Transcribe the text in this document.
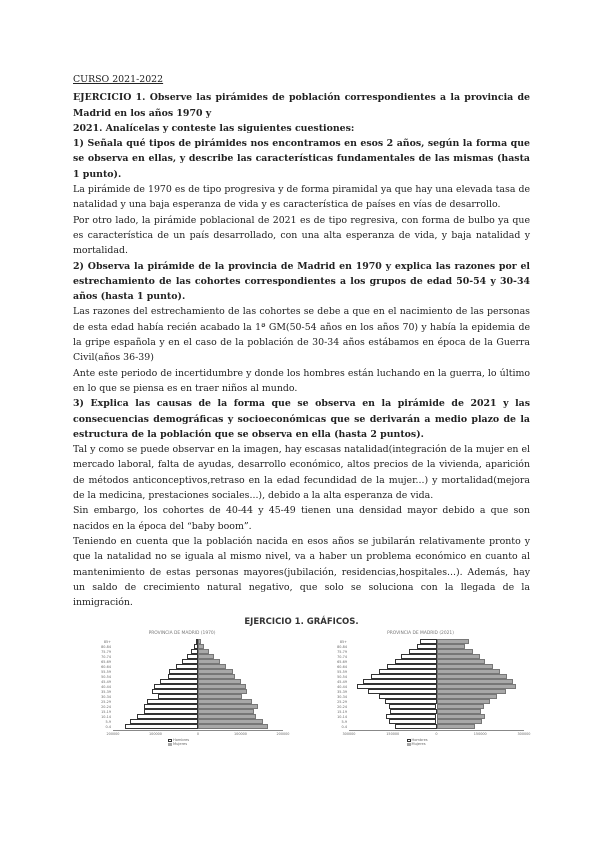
CURSO 2021-2022

EJERCICIO 1. Observe las pirámides de población correspondientes a la provincia de Madrid en los años 1970 y
2021. Analícelas y conteste las siguientes cuestiones:

1) Señala qué tipos de pirámides nos encontramos en esos 2 años, según la forma que se observa en ellas, y describe las características fundamentales de las mismas (hasta 1 punto).

La pirámide de 1970 es de tipo progresiva y de forma piramidal ya que hay una elevada tasa de natalidad y una baja esperanza de vida y es característica de países en vías de desarrollo.

Por otro lado, la pirámide poblacional de 2021 es de tipo regresiva, con forma de bulbo ya que es característica de un país desarrollado, con una alta esperanza de vida, y baja natalidad y mortalidad.

2) Observa la pirámide de la provincia de Madrid en 1970 y explica las razones por el estrechamiento de las cohortes correspondientes a los grupos de edad 50-54 y 30-34 años (hasta 1 punto).

Las razones del estrechamiento de las cohortes se debe a que en el nacimiento de las personas de esta edad había recién acabado la 1ª GM(50-54 años en los años 70) y había la epidemia de la gripe española y en el caso de la población de 30-34 años estábamos en época de la Guerra Civil(años 36-39)

Ante este periodo de incertidumbre y donde los hombres están luchando en la guerra, lo último en lo que se piensa es en traer niños al mundo.

3) Explica las causas de la forma que se observa en la pirámide de 2021 y las consecuencias demográficas y socioeconómicas que se derivarán a medio plazo de la estructura de la población que se observa en ella (hasta 2 puntos).

Tal y como se puede observar en la imagen, hay escasas natalidad(integración de la mujer en el mercado laboral, falta de ayudas, desarrollo económico, altos precios de la vivienda, aparición de métodos anticonceptivos,retraso en la edad fecundidad de la mujer...) y mortalidad(mejora de la medicina, prestaciones sociales...), debido a la alta esperanza de vida.

Sin embargo, los cohortes de 40-44 y 45-49 tienen una densidad mayor debido a que son nacidos en la época del “baby boom”.

Teniendo en cuenta que la población nacida en esos años se jubilarán relativamente pronto y que la natalidad no se iguala al mismo nivel, va a haber un problema económico en cuanto al mantenimiento de estas personas mayores(jubilación, residencias,hospitales...). Además, hay un saldo de crecimiento natural negativo, que solo se soluciona con la llegada de la inmigración.

EJERCICIO 1. GRÁFICOS.
PROVINCIA DE MADRID (1970)
85+
80-84
75-79
70-74
65-69
60-64
55-59
50-54
45-49
40-44
35-39
30-34
25-29
20-24
15-19
10-14
5-9
0-4
200000	100000	0	100000	200000
Hombres
Mujeres
PROVINCIA DE MADRID (2021)
85+
80-84
75-79
70-74
65-69
60-64
55-59
50-54
45-49
40-44
35-39
30-34
25-29
20-24
15-19
10-14
5-9
0-4
300000	150000	0	150000	300000
Hombres
Mujeres
